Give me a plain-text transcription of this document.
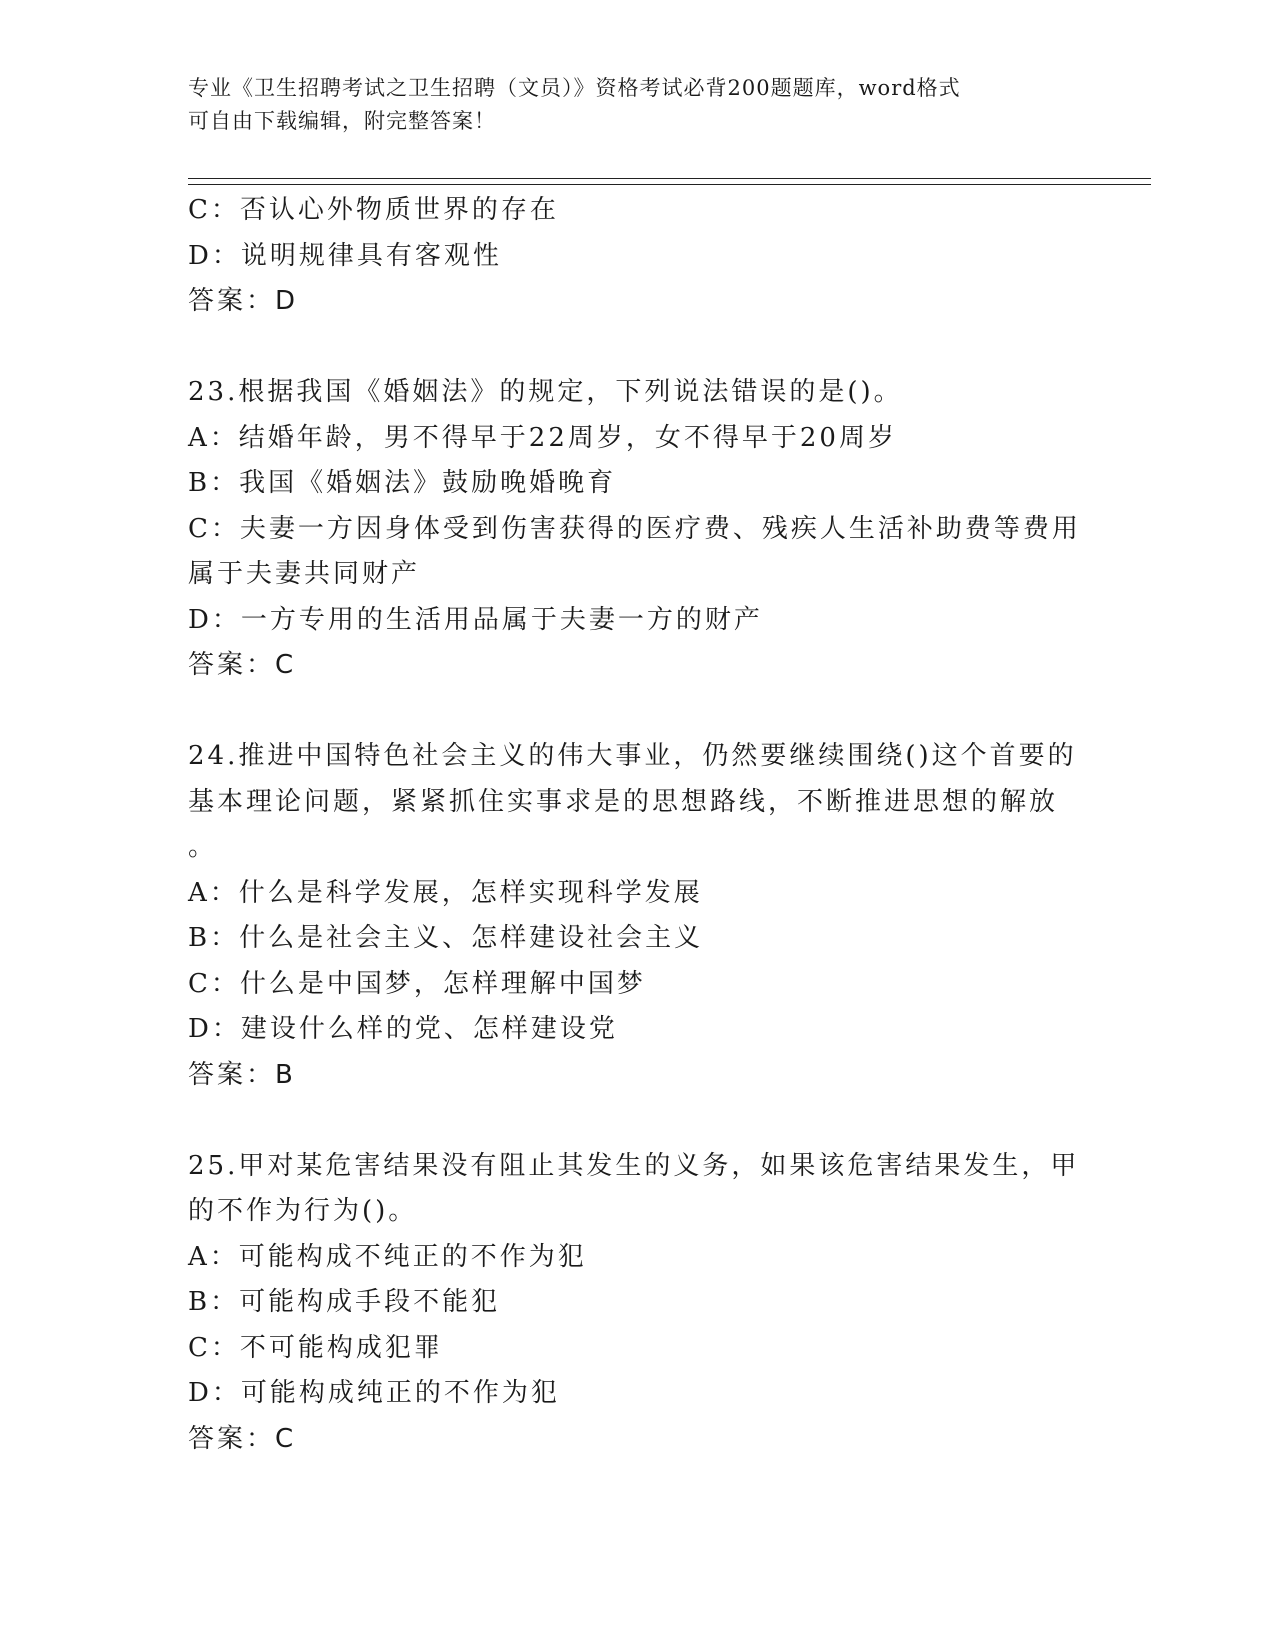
专业《卫生招聘考试之卫生招聘（文员）》资格考试必背200题题库，word格式
可自由下载编辑，附完整答案！
C：否认心外物质世界的存在
D：说明规律具有客观性
答案：D
23.根据我国《婚姻法》的规定，下列说法错误的是()。
A：结婚年龄，男不得早于22周岁，女不得早于20周岁
B：我国《婚姻法》鼓励晚婚晚育
C：夫妻一方因身体受到伤害获得的医疗费、残疾人生活补助费等费用
属于夫妻共同财产
D：一方专用的生活用品属于夫妻一方的财产
答案：C
24.推进中国特色社会主义的伟大事业，仍然要继续围绕()这个首要的
基本理论问题，紧紧抓住实事求是的思想路线，不断推进思想的解放
。
A：什么是科学发展，怎样实现科学发展
B：什么是社会主义、怎样建设社会主义
C：什么是中国梦，怎样理解中国梦
D：建设什么样的党、怎样建设党
答案：B
25.甲对某危害结果没有阻止其发生的义务，如果该危害结果发生，甲
的不作为行为()。
A：可能构成不纯正的不作为犯
B：可能构成手段不能犯
C：不可能构成犯罪
D：可能构成纯正的不作为犯
答案：C
